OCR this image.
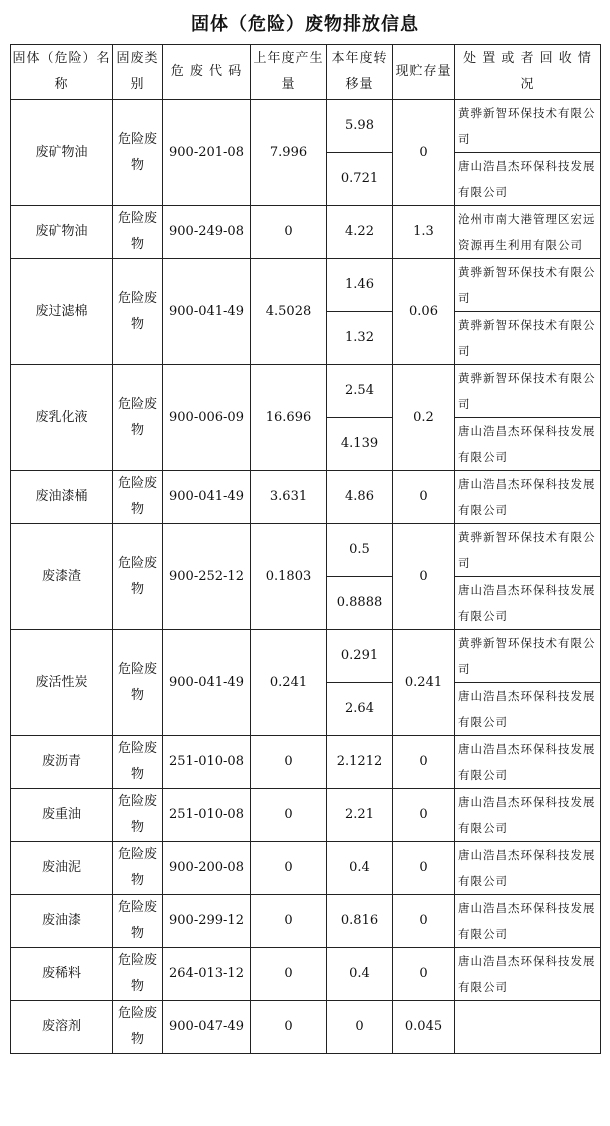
固体（危险）废物排放信息
固体（危险）名称	固废类别	危 废 代 码	上年度产生量	本年度转移量	现贮存量	处 置 或 者 回 收 情 况
废矿物油	危险废物	900-201-08	7.996	5.98	0	黄骅新智环保技术有限公司
				0.721		唐山浩昌杰环保科技发展有限公司
废矿物油	危险废物	900-249-08	0	4.22	1.3	沧州市南大港管理区宏远资源再生利用有限公司
废过滤棉	危险废物	900-041-49	4.5028	1.46	0.06	黄骅新智环保技术有限公司
				1.32		黄骅新智环保技术有限公司
废乳化液	危险废物	900-006-09	16.696	2.54	0.2	黄骅新智环保技术有限公司
				4.139		唐山浩昌杰环保科技发展有限公司
废油漆桶	危险废物	900-041-49	3.631	4.86	0	唐山浩昌杰环保科技发展有限公司
废漆渣	危险废物	900-252-12	0.1803	0.5	0	黄骅新智环保技术有限公司
				0.8888		唐山浩昌杰环保科技发展有限公司
废活性炭	危险废物	900-041-49	0.241	0.291	0.241	黄骅新智环保技术有限公司
				2.64		唐山浩昌杰环保科技发展有限公司
废沥青	危险废物	251-010-08	0	2.1212	0	唐山浩昌杰环保科技发展有限公司
废重油	危险废物	251-010-08	0	2.21	0	唐山浩昌杰环保科技发展有限公司
废油泥	危险废物	900-200-08	0	0.4	0	唐山浩昌杰环保科技发展有限公司
废油漆	危险废物	900-299-12	0	0.816	0	唐山浩昌杰环保科技发展有限公司
废稀料	危险废物	264-013-12	0	0.4	0	唐山浩昌杰环保科技发展有限公司
废溶剂	危险废物	900-047-49	0	0	0.045	
